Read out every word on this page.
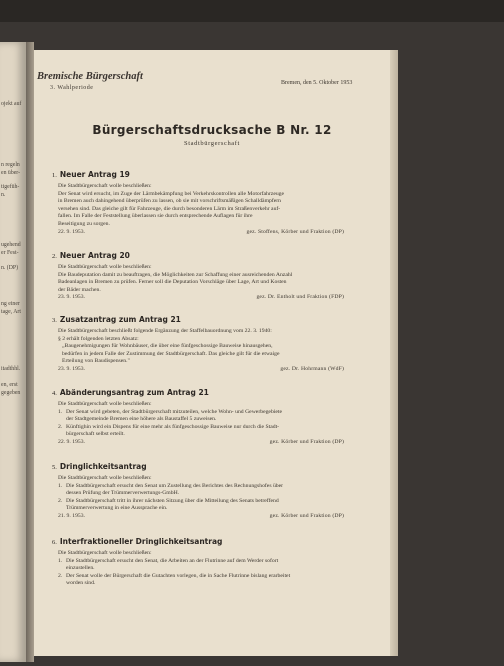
ojekt auf
n regeln
en über-
tigefüh-
n.
ugehend
er Fest-
n. (DP)
ng einer
tage, Art
itadthhl.
en, erst
gegeben
Bremische Bürgerschaft
3. Wahlperiode
Bremen, den 5. Oktober 1953
Bürgerschaftsdrucksache B Nr. 12
Stadtbürgerschaft
1. Neuer Antrag 19

Die Stadtbürgerschaft wolle beschließen:

Der Senat wird ersucht, im Zuge der Lärmbekämpfung bei Verkehrskontrollen alle Motorfahrzeuge

in Bremen auch dahingehend überprüfen zu lassen, ob sie mit vorschriftsmäßigen Schalldämpfern

versehen sind. Das gleiche gilt für Fahrzeuge, die durch besonderen Lärm im Straßenverkehr auf-

fallen. Im Falle der Feststellung überlassen sie durch entsprechende Auflagen für ihre

Beseitigung zu sorgen.

22. 9. 1953.	gez. Stoffens, Körber und Fraktion (DP)
2. Neuer Antrag 20

Die Stadtbürgerschaft wolle beschließen:

Die Baudeputation damit zu beauftragen, die Möglichkeiten zur Schaffung einer ausreichenden Anzahl

Badeanlagen in Bremen zu prüfen. Ferner soll die Deputation Vorschläge über Lage, Art und Kosten

der Bäder machen.

23. 9. 1953.	gez. Dr. Entholt und Fraktion (FDP)
3. Zusatzantrag zum Antrag 21

Die Stadtbürgerschaft beschließt folgende Ergänzung der Staffelbauordnung vom 22. 3. 1940:

§ 2 erhält folgenden letzten Absatz:

„Baugenehmigungen für Wohnbäuser, die über eine fünfgeschossige Bauweise hinausgehen,

bedürfen in jedem Falle der Zustimmung der Stadtbürgerschaft. Das gleiche gilt für die etwaige

Erteilung von Baudispensen."

23. 9. 1953.	gez. Dr. Hohrmann (WdF)
4. Abänderungsantrag zum Antrag 21

Die Stadtbürgerschaft wolle beschließen:

1. Der Senat wird gebeten, der Stadtbürgerschaft mitzuteilen, welche Wohn- und Gewerbegebiete

der Stadtgemeinde Bremen eine höhere als Baustaffel 5 zuweisen.

2. Künftighin wird ein Dispens für eine mehr als fünfgeschossige Bauweise nur durch die Stadt-

bürgerschaft selbst erteilt.

22. 9. 1953.	gez. Körber und Fraktion (DP)
5. Dringlichkeitsantrag

Die Stadtbürgerschaft wolle beschließen:

1. Die Stadtbürgerschaft ersucht den Senat um Zustellung des Berichtes des Rechnungshofes über

dessen Prüfung der Trümmerverwertungs-GmbH.

2. Die Stadtbürgerschaft tritt in ihrer nächsten Sitzung über die Mitteilung des Senats betreffend

Trümmerverwertung in eine Aussprache ein.

21. 9. 1953.	gez. Körber und Fraktion (DP)
6. Interfraktioneller Dringlichkeitsantrag

Die Stadtbürgerschaft wolle beschließen:

1. Die Stadtbürgerschaft ersucht den Senat, die Arbeiten an der Flutrinne auf dem Werder sofort

einzustellen.

2. Der Senat wolle der Bürgerschaft die Gutachten vorlegen, die in Sache Flutrinne bislang erarbeitet

worden sind.
